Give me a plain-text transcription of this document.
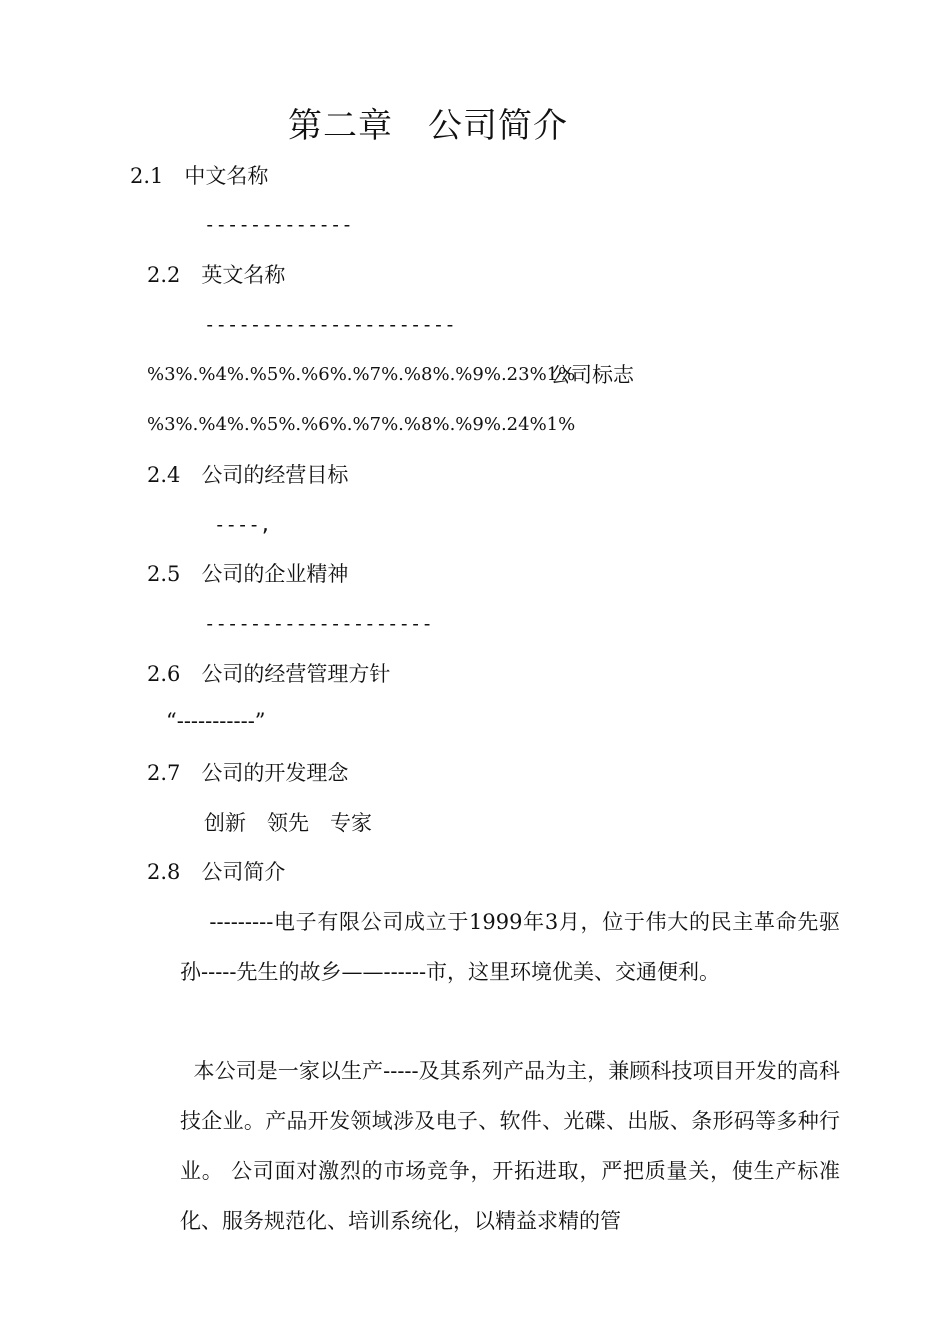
第二章　公司简介
2.1　中文名称
-------------
2.2　英文名称
----------------------
%3%.%4%.%5%.%6%.%7%.%8%.%9%.23%1%
公司标志
%3%.%4%.%5%.%6%.%7%.%8%.%9%.24%1%
2.4　公司的经营目标
----,
2.5　公司的企业精神
--------------------
2.6　公司的经营管理方针
“-----------”
2.7　公司的开发理念
创新　领先　专家
2.8　公司简介

---------电子有限公司成立于1999年3月，位于伟大的民主革命先驱孙-----先生的故乡——------市，这里环境优美、交通便利。

本公司是一家以生产-----及其系列产品为主，兼顾科技项目开发的高科技企业。产品开发领域涉及电子、软件、光碟、出版、条形码等多种行业。 公司面对激烈的市场竞争，开拓进取，严把质量关，使生产标准化、服务规范化、培训系统化，以精益求精的管
